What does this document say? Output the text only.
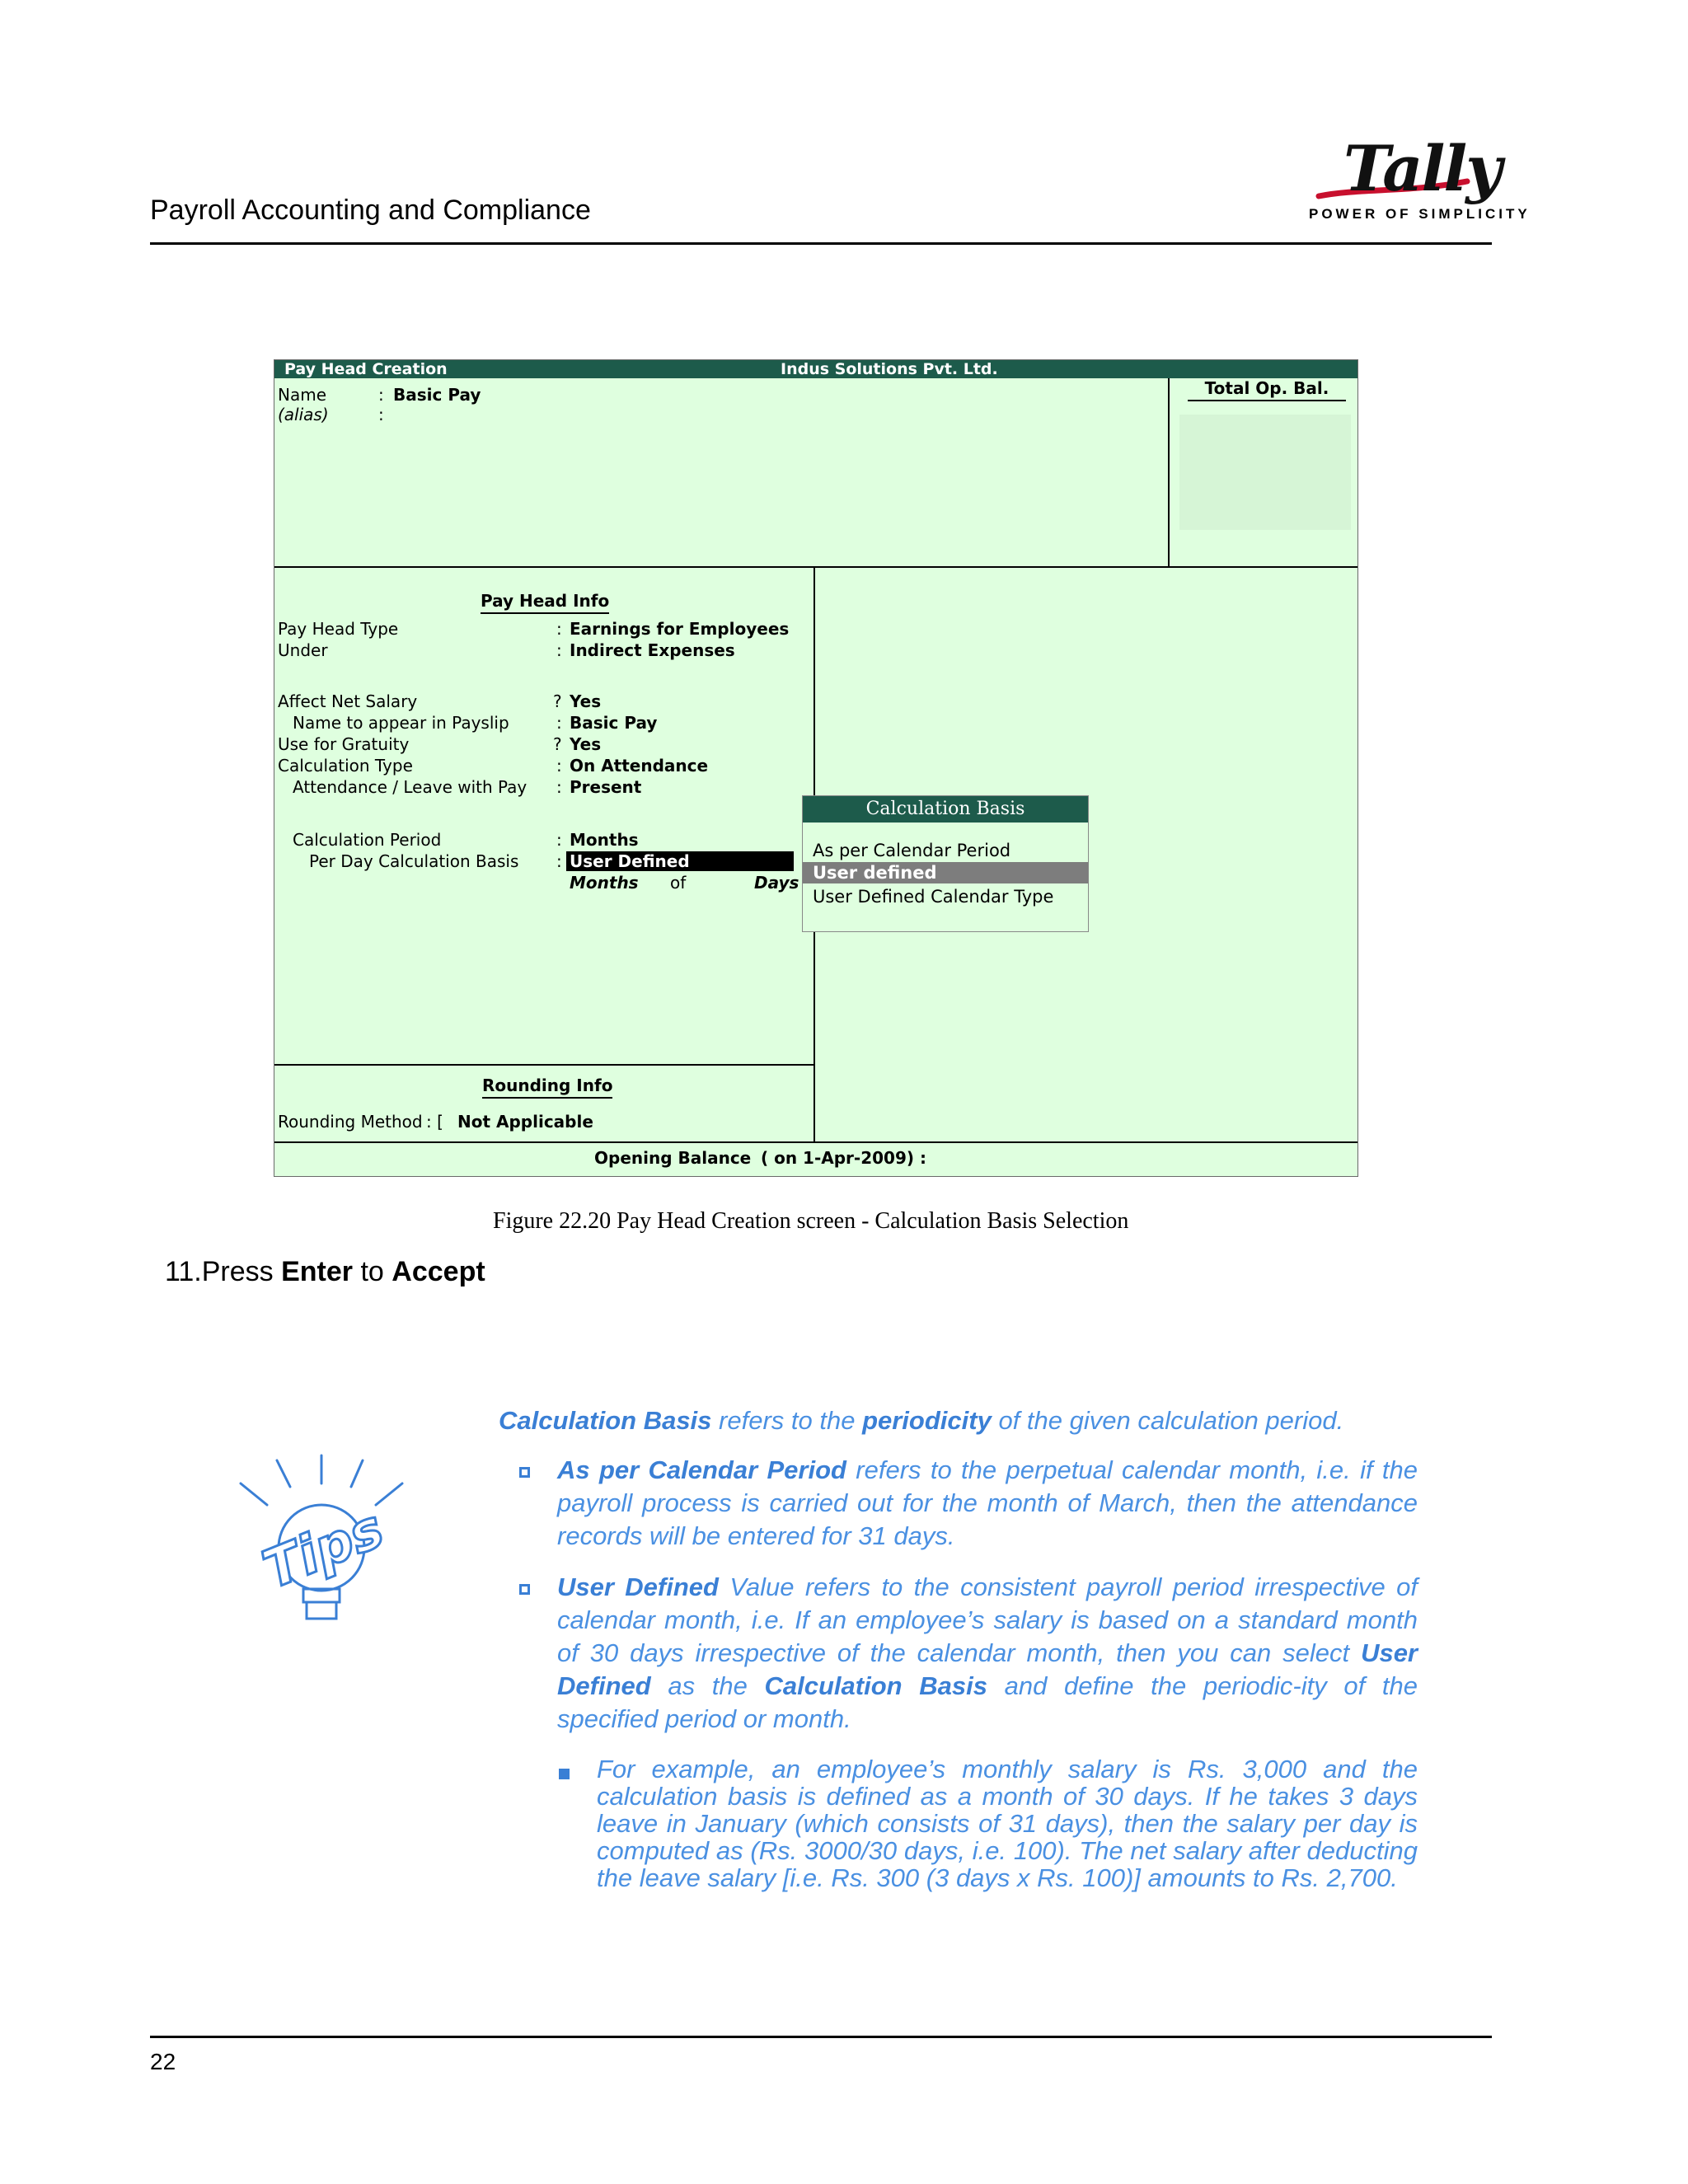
Payroll Accounting and Compliance
Tally
POWER OF SIMPLICITY
Pay Head Creation	Indus Solutions Pvt. Ltd.
Name	: Basic Pay
(alias)	:
Total Op. Bal.
Pay Head Info
Pay Head Type	: Earnings for Employees
Under	: Indirect Expenses
Affect Net Salary	? Yes
Name to appear in Payslip	: Basic Pay
Use for Gratuity	? Yes
Calculation Type	: On Attendance
Attendance / Leave with Pay : Present
Calculation Period	: Months
Per Day Calculation Basis : User Defined
Months of	Days
Rounding Info
Rounding Method : [ Not Applicable
Opening Balance ( on 1-Apr-2009) :
Calculation Basis
As per Calendar Period
User defined
User Defined Calendar Type
Figure 22.20 Pay Head Creation screen - Calculation Basis Selection
11.Press Enter to Accept
Tips
Calculation Basis refers to the periodicity of the given calculation period.
As per Calendar Period refers to the perpetual calendar month, i.e. if the payroll process is carried out for the month of March, then the attendance records will be entered for 31 days.
User Defined Value refers to the consistent payroll period irrespective of calendar month, i.e. If an employee’s salary is based on a standard month of 30 days irrespective of the calendar month, then you can select User Defined as the Calculation Basis and define the periodic-ity of the specified period or month.
For example, an employee’s monthly salary is Rs. 3,000 and the calculation basis is defined as a month of 30 days. If he takes 3 days leave in January (which consists of 31 days), then the salary per day is computed as (Rs. 3000/30 days, i.e. 100). The net salary after deducting the leave salary [i.e. Rs. 300 (3 days x Rs. 100)] amounts to Rs. 2,700.
22
